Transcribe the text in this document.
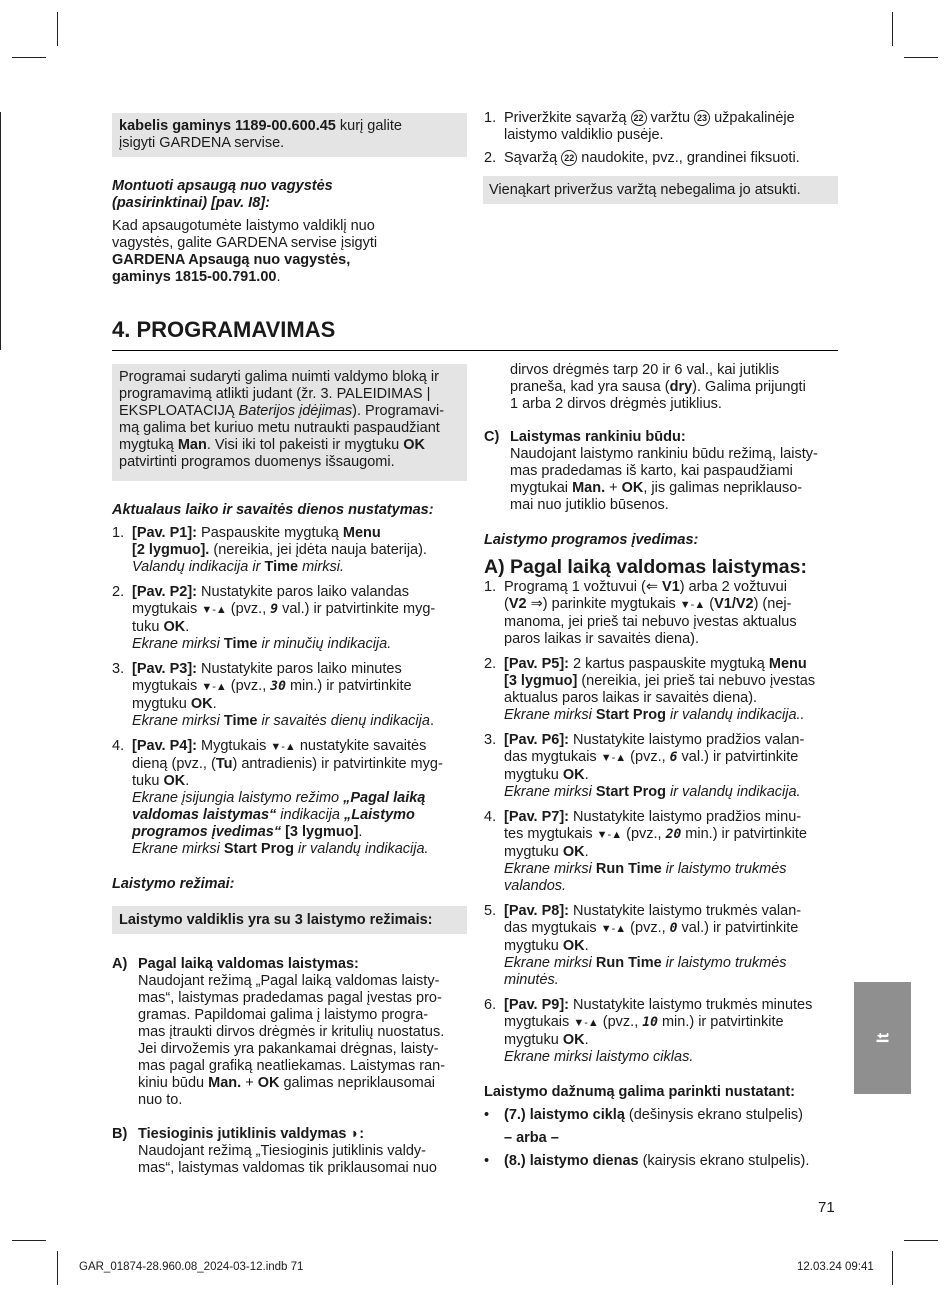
kabelis gaminys 1189-00.600.45 kurį galite

įsigyti GARDENA servise.

Montuoti apsaugą nuo vagystės

(pasirinktinai) [pav. I8]:

Kad apsaugotumėte laistymo valdiklį nuo

vagystės, galite GARDENA servise įsigyti

GARDENA Apsaugą nuo vagystės,

gaminys 1815-00.791.00.

1. Priveržkite sąvaržą 22 varžtu 23 užpakalinėje

laistymo valdiklio pusėje.

2. Sąvaržą 22 naudokite, pvz., grandinei fiksuoti.

Vienąkart priveržus varžtą nebegalima jo atsukti.

4. PROGRAMAVIMAS

Programai sudaryti galima nuimti valdymo bloką ir

programavimą atlikti judant (žr. 3. PALEIDIMAS |

EKSPLOATACIJĄ Baterijos įdėjimas). Programavi-

mą galima bet kuriuo metu nutraukti paspaudžiant

mygtuką Man. Visi iki tol pakeisti ir mygtuku OK

patvirtinti programos duomenys išsaugomi.

Aktualaus laiko ir savaitės dienos nustatymas:

1. [Pav. P1]: Paspauskite mygtuką Menu

[2 lygmuo]. (nereikia, jei įdėta nauja baterija).

Valandų indikacija ir Time mirksi.

2. [Pav. P2]: Nustatykite paros laiko valandas

mygtukais ▼-▲ (pvz., 9 val.) ir patvirtinkite myg-

tuku OK.

Ekrane mirksi Time ir minučių indikacija.

3. [Pav. P3]: Nustatykite paros laiko minutes

mygtukais ▼-▲ (pvz., 30 min.) ir patvirtinkite

mygtuku OK.

Ekrane mirksi Time ir savaitės dienų indikacija.

4. [Pav. P4]: Mygtukais ▼-▲ nustatykite savaitės

dieną (pvz., (Tu) antradienis) ir patvirtinkite myg-

tuku OK.

Ekrane įsijungia laistymo režimo „Pagal laiką

valdomas laistymas“ indikacija „Laistymo

programos įvedimas“ [3 lygmuo].

Ekrane mirksi Start Prog ir valandų indikacija.

Laistymo režimai:

Laistymo valdiklis yra su 3 laistymo režimais:

A) Pagal laiką valdomas laistymas:

Naudojant režimą „Pagal laiką valdomas laisty-

mas“, laistymas pradedamas pagal įvestas pro-

gramas. Papildomai galima į laistymo progra-

mas įtraukti dirvos drėgmės ir kritulių nuostatus.

Jei dirvožemis yra pakankamai drėgnas, laisty-

mas pagal grafiką neatliekamas. Laistymas ran-

kiniu būdu Man. + OK galimas nepriklausomai

nuo to.

B) Tiesioginis jutiklinis valdymas ◗:

Naudojant režimą „Tiesioginis jutiklinis valdy-

mas“, laistymas valdomas tik priklausomai nuo

dirvos drėgmės tarp 20 ir 6 val., kai jutiklis

praneša, kad yra sausa (dry). Galima prijungti

1 arba 2 dirvos drėgmės jutiklius.

C) Laistymas rankiniu būdu:

Naudojant laistymo rankiniu būdu režimą, laisty-

mas pradedamas iš karto, kai paspaudžiami

mygtukai Man. + OK, jis galimas nepriklauso-

mai nuo jutiklio būsenos.

Laistymo programos įvedimas:

A) Pagal laiką valdomas laistymas:

1. Programą 1 vožtuvui (⇐ V1) arba 2 vožtuvui

(V2 ⇒) parinkite mygtukais ▼-▲ (V1/V2) (nej-

manoma, jei prieš tai nebuvo įvestas aktualus

paros laikas ir savaitės diena).

2. [Pav. P5]: 2 kartus paspauskite mygtuką Menu

[3 lygmuo] (nereikia, jei prieš tai nebuvo įvestas

aktualus paros laikas ir savaitės diena).

Ekrane mirksi Start Prog ir valandų indikacija..

3. [Pav. P6]: Nustatykite laistymo pradžios valan-

das mygtukais ▼-▲ (pvz., 6 val.) ir patvirtinkite

mygtuku OK.

Ekrane mirksi Start Prog ir valandų indikacija.

4. [Pav. P7]: Nustatykite laistymo pradžios minu-

tes mygtukais ▼-▲ (pvz., 20 min.) ir patvirtinkite

mygtuku OK.

Ekrane mirksi Run Time ir laistymo trukmės

valandos.

5. [Pav. P8]: Nustatykite laistymo trukmės valan-

das mygtukais ▼-▲ (pvz., 0 val.) ir patvirtinkite

mygtuku OK.

Ekrane mirksi Run Time ir laistymo trukmės

minutės.

6. [Pav. P9]: Nustatykite laistymo trukmės minutes

mygtukais ▼-▲ (pvz., 10 min.) ir patvirtinkite

mygtuku OK.

Ekrane mirksi laistymo ciklas.

Laistymo dažnumą galima parinkti nustatant:

• (7.) laistymo ciklą (dešinysis ekrano stulpelis)

– arba –

• (8.) laistymo dienas (kairysis ekrano stulpelis).

lt
71
GAR_01874-28.960.08_2024-03-12.indb 71	12.03.24 09:41
